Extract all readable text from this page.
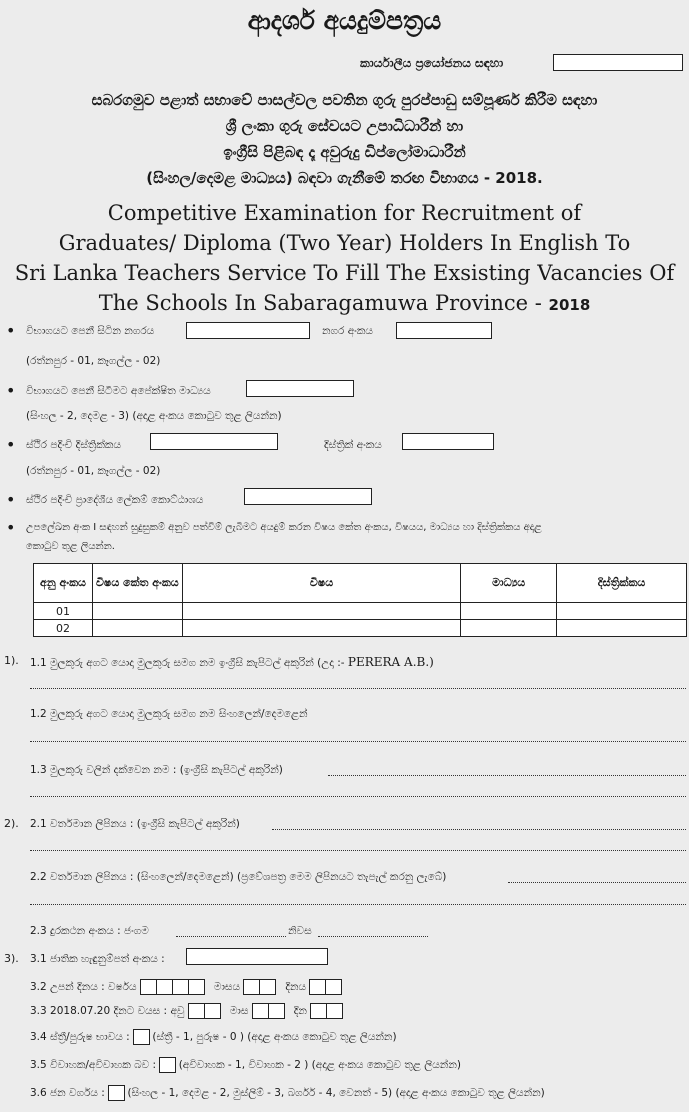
ආදර්ශ අයදුම්පත්‍රය
කාර්යාලීය ප්‍රයෝජනය සඳහා
සබරගමුව පළාත් සභාවේ පාසල්වල පවතින ගුරු පුරප්පාඩු සම්පූර්ණ කිරීම සඳහා
ශ්‍රී ලංකා ගුරු සේවයට උපාධිධාරීන් හා
ඉංග්‍රීසි පිළිබඳ දෑ අවුරුදු ඩිප්ලෝමාධාරීන්
(සිංහල/දෙමළ මාධ්‍යය) බඳවා ගැනීමේ තරඟ විභාගය - 2018.
Competitive Examination for Recruitment of
Graduates/ Diploma (Two Year) Holders In English To
Sri Lanka Teachers Service To Fill The Exsisting Vacancies Of
The Schools In Sabaragamuwa Province - 2018
• විභාගයට පෙනී සිටින නගරය	නගර අංකය
(රත්නපුර - 01, කෑගල්ල - 02)
• විභාගයට පෙනී සිටීමට අපේක්ෂිත මාධ්‍යය
(සිංහල - 2, දෙමළ - 3) (අදාළ අංකය කොටුව තුළ ලියන්න)
• ස්ථිර පදිංචි දිස්ත්‍රික්කය	දිස්ත්‍රික් අංකය
(රත්නපුර - 01, කෑගල්ල - 02)
• ස්ථිර පදිංචි ප්‍රාදේශීය ලේකම් කොට්ඨාශය
• උපලේඛන අංක I සඳහන් සුදුසුකම් අනුව පත්වීම් ලැබීමට අයදුම් කරන විෂය කේත අංකය, විෂයය, මාධ්‍යය හා දිස්ත්‍රික්කය අදාළ
කොටුව තුළ ලියන්න.
අනු අංකය	විෂය කේත අංකය	විෂය	මාධ්‍යය	දිස්ත්‍රික්කය
01				
02				
1). 1.1 මුලකුරු අගට යොදා මුලකුරු සමග නම ඉංග්‍රීසි කැපිටල් අකුරින් (උදා :- PERERA A.B.)
1.2 මුලකුරු අගට යොදා මුලකුරු සමග නම සිංහලෙන්/දෙමළෙන්
1.3 මුලකුරු වලින් දක්වෙන නම : (ඉංග්‍රීසි කැපිටල් අකුරින්)
2). 2.1 වර්තමාන ලිපිනය : (ඉංග්‍රීසි කැපිටල් අකුරින්)
2.2 වර්තමාන ලිපිනය : (සිංහලෙන්/දෙමළෙන්) (ප්‍රවේශපත්‍ර මෙම ලිපිනයට තැපැල් කරනු ලැබේ)
2.3 දුරකථන අංකය : ජංගම	නිවස
3). 3.1 ජාතික හැඳුනුම්පත් අංකය :
3.2 උපන් දිනය : වර්ෂය	මාසය	දිනය
3.3 2018.07.20 දිනට වයස : අවු	මාස	දින
3.4 ස්ත්‍රී/පුරුෂ භාවය : (ස්ත්‍රී - 1, පුරුෂ - 0 ) (අදාළ අංකය කොටුව තුළ ලියන්න)
3.5 විවාහක/අවිවාහක බව : (අවිවාහක - 1, විවාහක - 2 ) (අදාළ අංකය කොටුව තුළ ලියන්න)
3.6 ජන වර්ගය : (සිංහල - 1, දෙමළ - 2, මුස්ලිම් - 3, බර්ගර් - 4, වෙනත් - 5) (අදාළ අංකය කොටුව තුළ ලියන්න)
